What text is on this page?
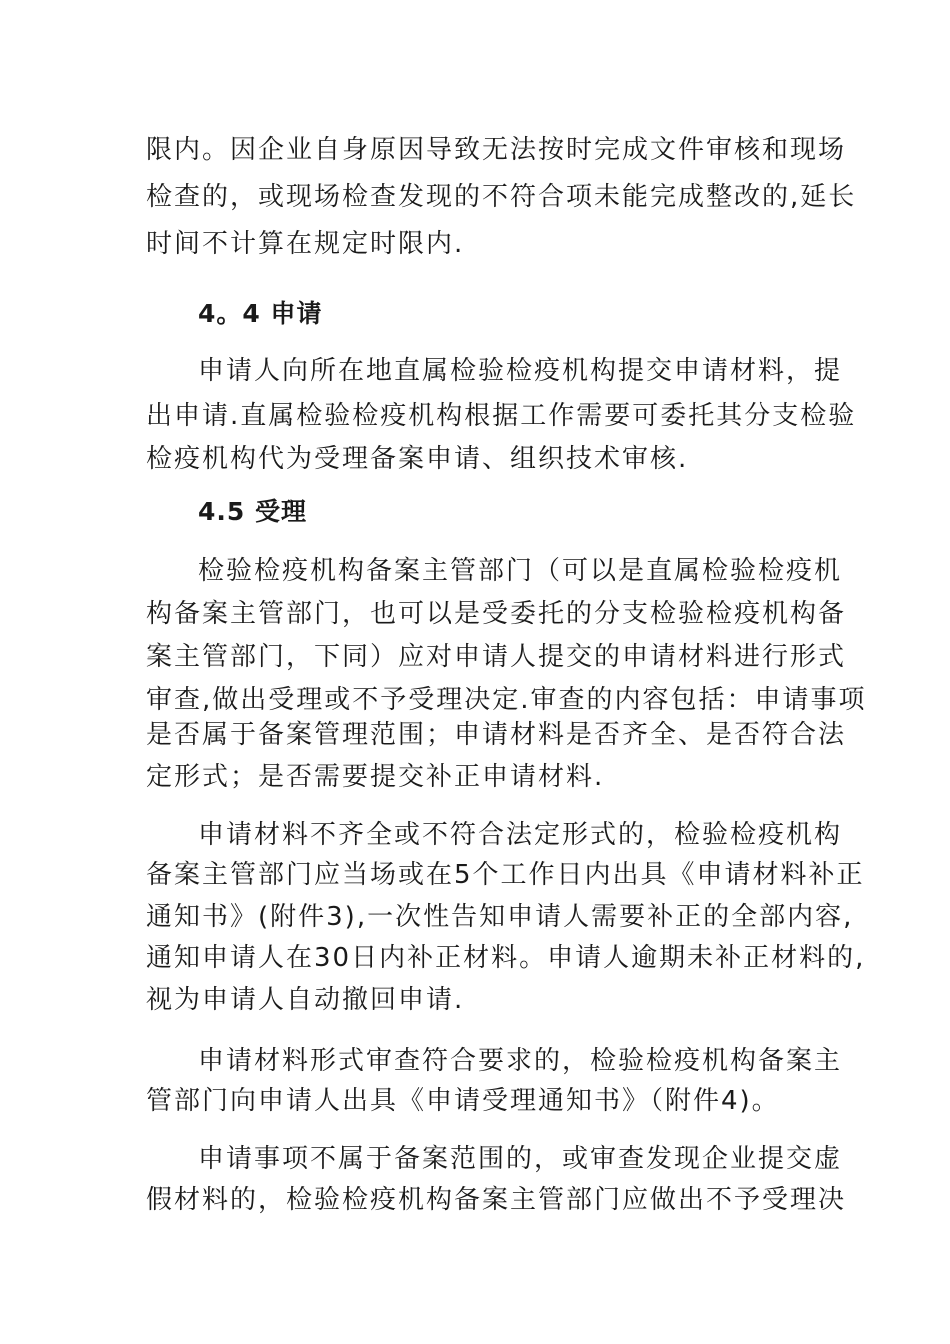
限内。因企业自身原因导致无法按时完成文件审核和现场
检查的，或现场检查发现的不符合项未能完成整改的,延长
时间不计算在规定时限内.
4。4 申请
申请人向所在地直属检验检疫机构提交申请材料，提
出申请.直属检验检疫机构根据工作需要可委托其分支检验
检疫机构代为受理备案申请、组织技术审核.
4.5 受理
检验检疫机构备案主管部门（可以是直属检验检疫机
构备案主管部门，也可以是受委托的分支检验检疫机构备
案主管部门，下同）应对申请人提交的申请材料进行形式
审查,做出受理或不予受理决定.审查的内容包括：申请事项
是否属于备案管理范围；申请材料是否齐全、是否符合法
定形式；是否需要提交补正申请材料.
申请材料不齐全或不符合法定形式的，检验检疫机构
备案主管部门应当场或在5个工作日内出具《申请材料补正
通知书》(附件3),一次性告知申请人需要补正的全部内容,
通知申请人在30日内补正材料。申请人逾期未补正材料的,
视为申请人自动撤回申请.
申请材料形式审查符合要求的，检验检疫机构备案主
管部门向申请人出具《申请受理通知书》（附件4)。
申请事项不属于备案范围的，或审查发现企业提交虚
假材料的，检验检疫机构备案主管部门应做出不予受理决
